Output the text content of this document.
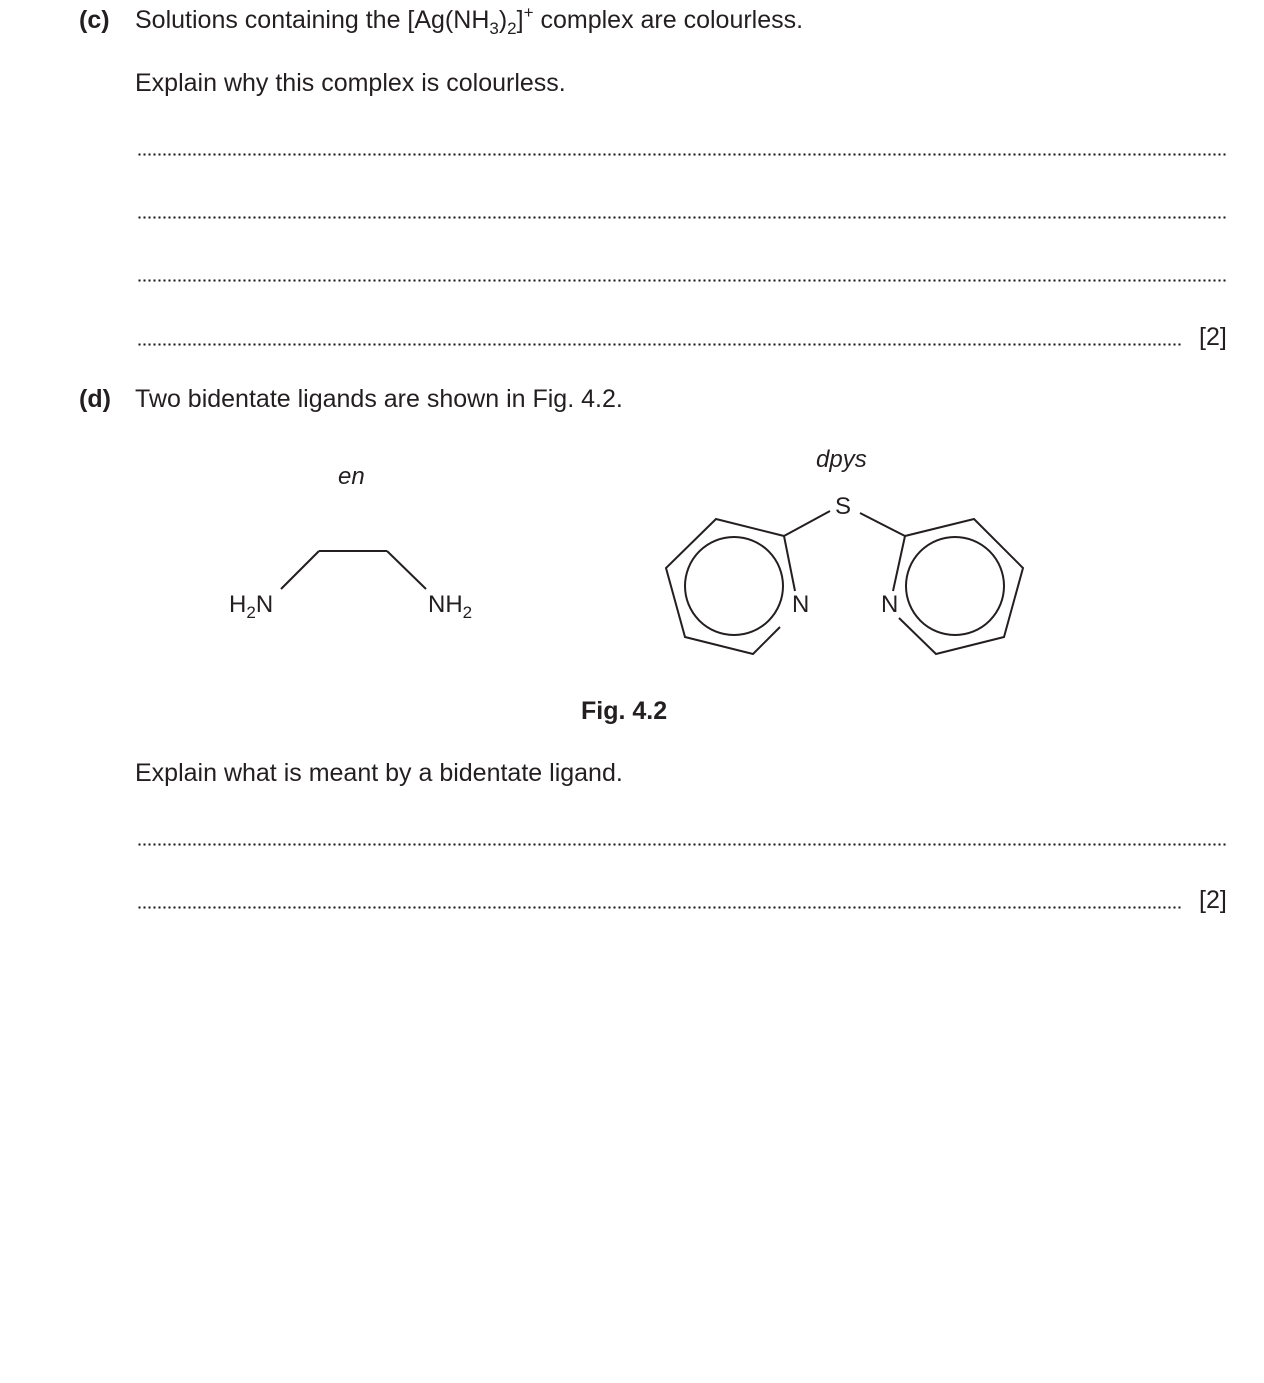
(c) Solutions containing the $[Ag(NH_3)_2]^+$ complex are colourless.
Explain why this complex is colourless.
[2]
(d) Two bidentate ligands are shown in Fig. 4.2.
en
dpys
$H_2N$	$NH_2$
S
N	N
Fig. 4.2
Explain what is meant by a bidentate ligand.
[2]
